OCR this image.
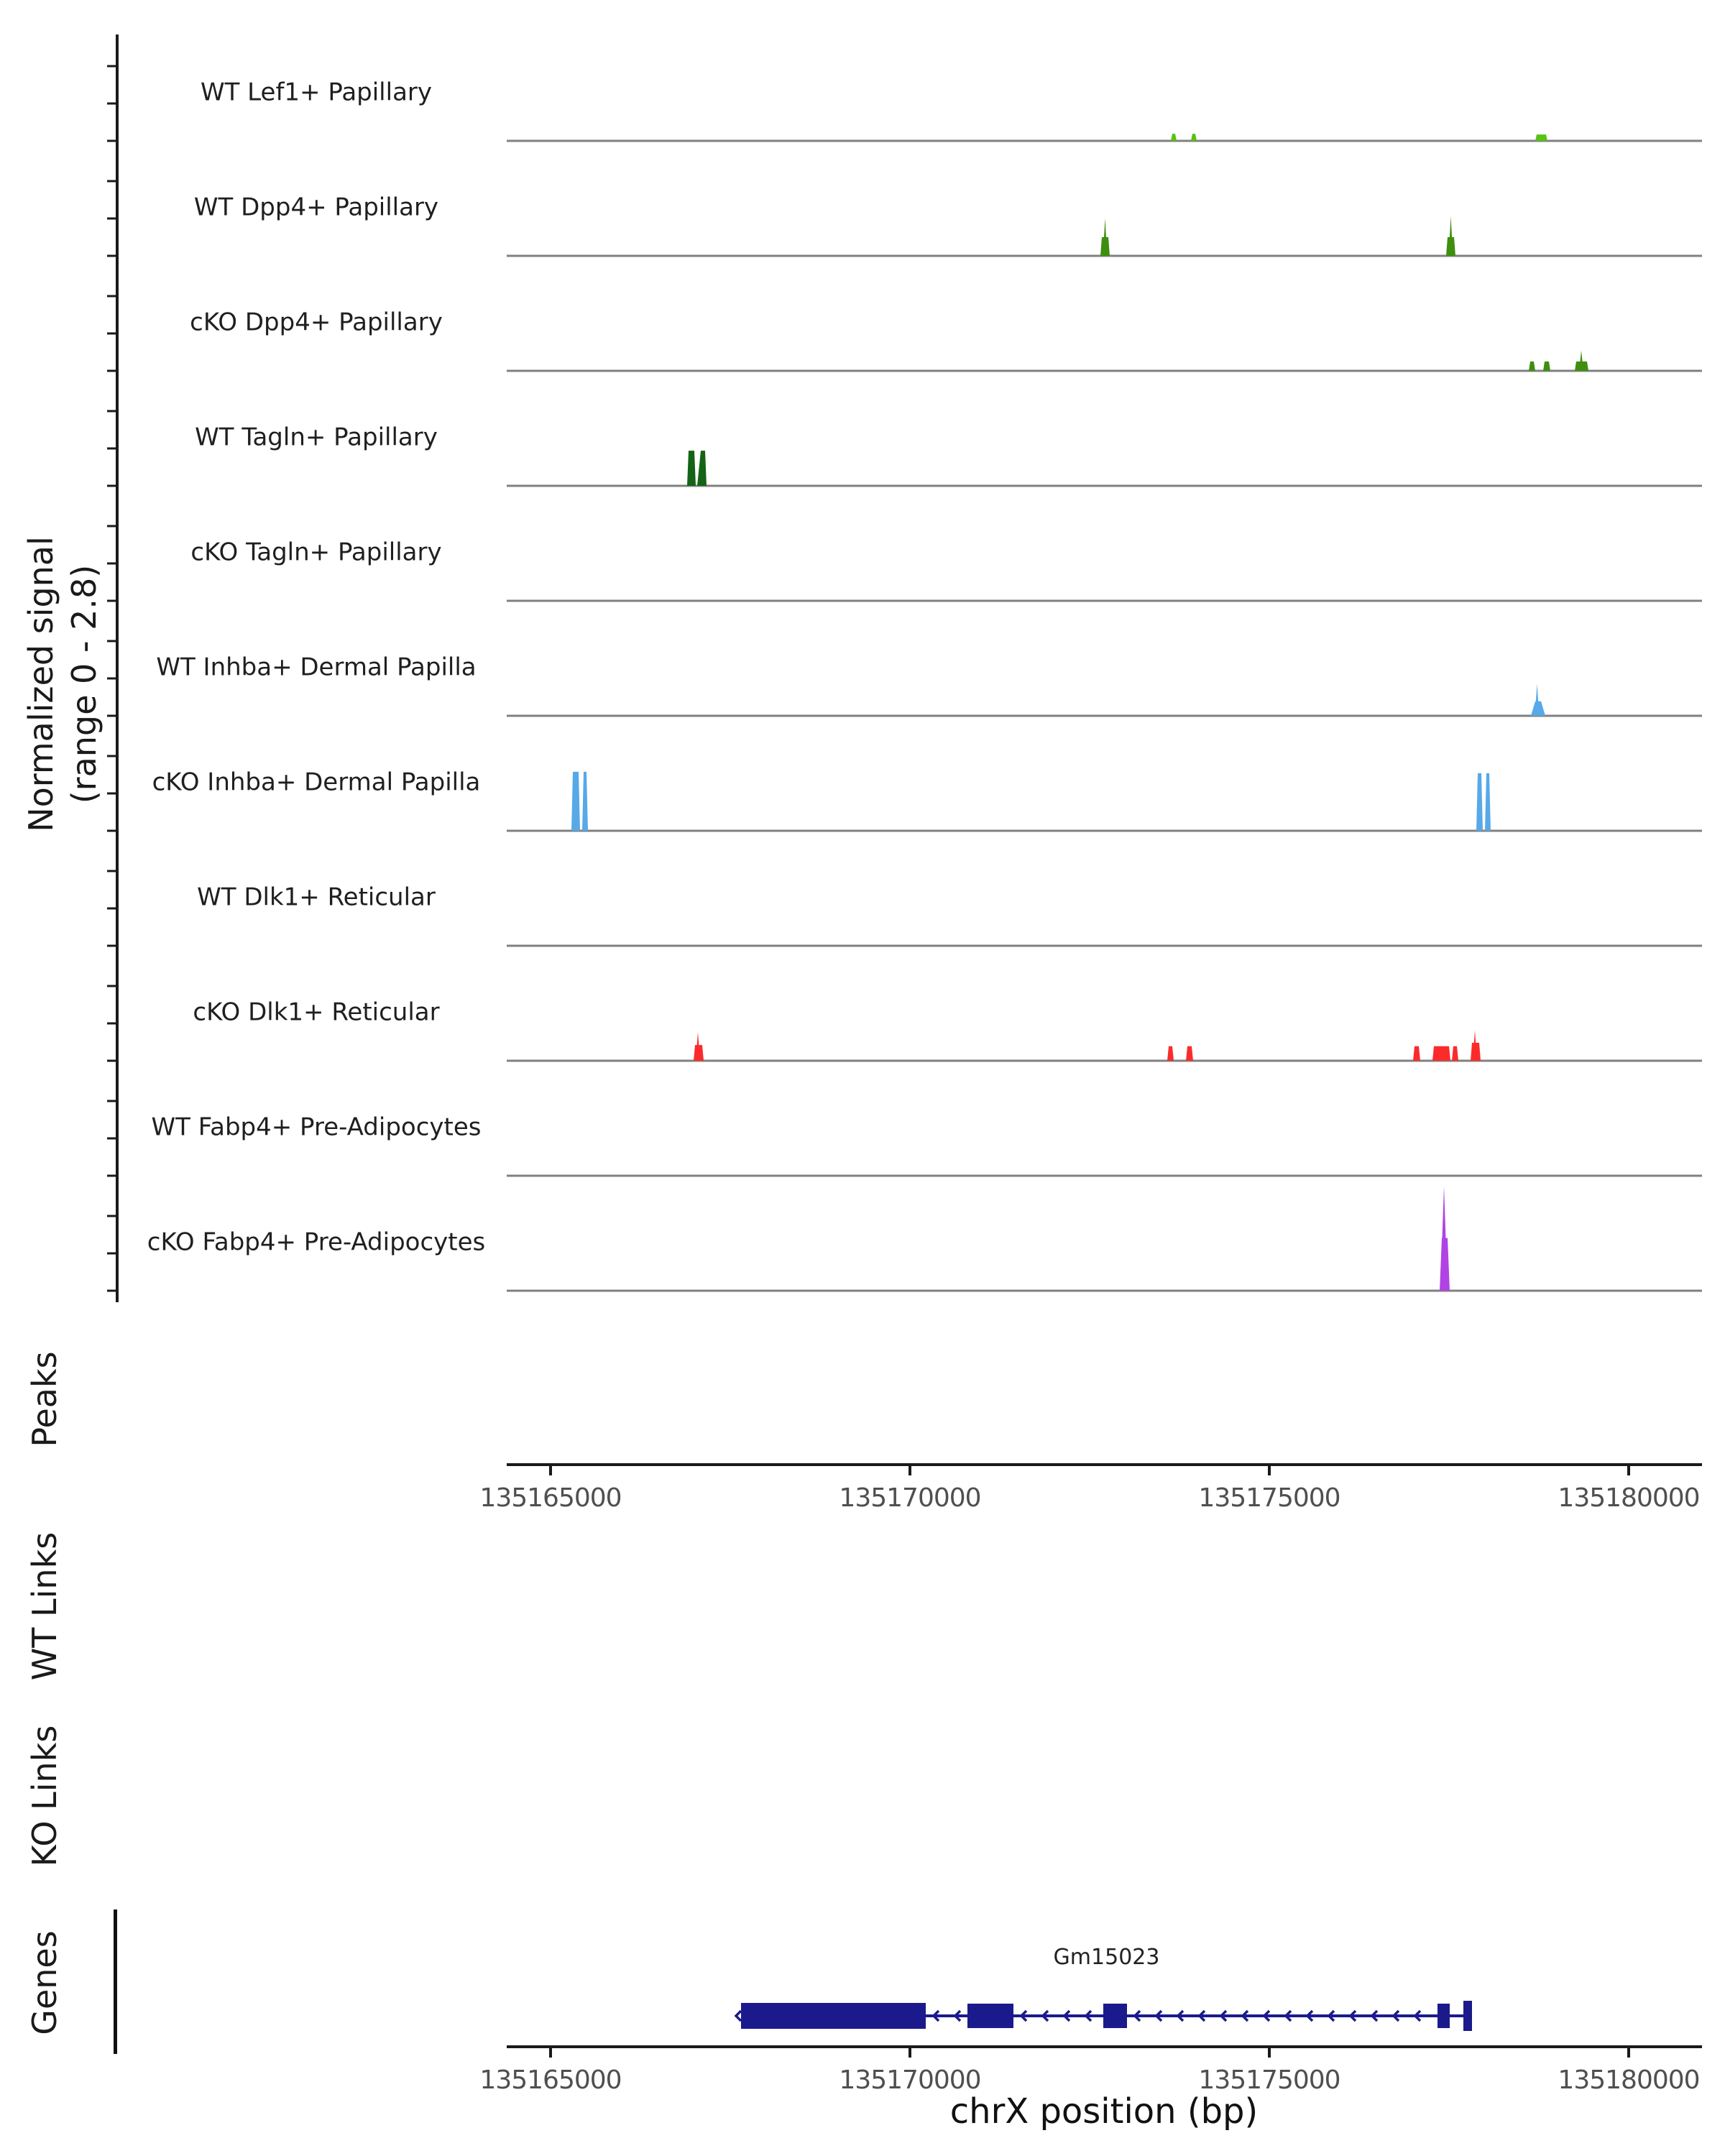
Normalized signal (range 0 - 2.8)
Peaks
WT Links
KO Links
Genes
chrX position (bp)
WT Lef1+ Papillary
WT Dpp4+ Papillary
cKO Dpp4+ Papillary
WT Tagln+ Papillary
cKO Tagln+ Papillary
WT Inhba+ Dermal Papilla
cKO Inhba+ Dermal Papilla
WT Dlk1+ Reticular
cKO Dlk1+ Reticular
WT Fabp4+ Pre-Adipocytes
cKO Fabp4+ Pre-Adipocytes
135165000	135170000	135175000	135180000
135165000	135170000	135175000	135180000
Gm15023
